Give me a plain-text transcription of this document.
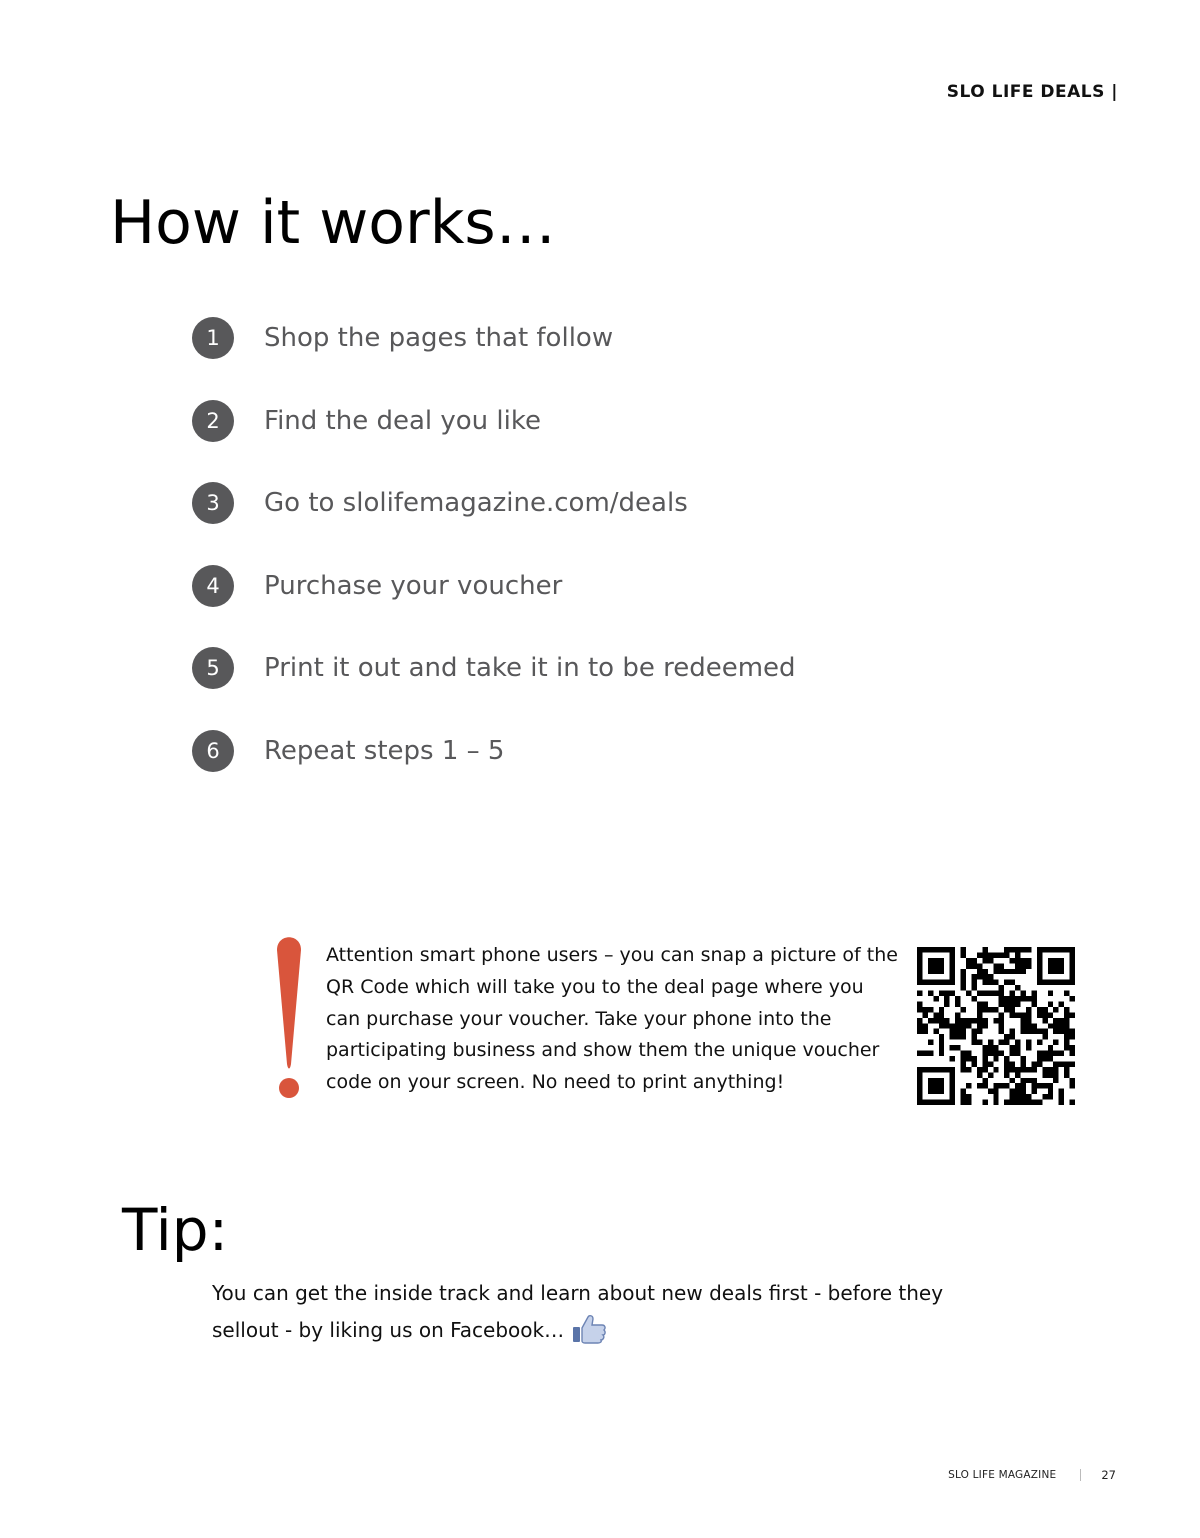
SLO LIFE DEALS |
How it works…
1	Shop the pages that follow
2	Find the deal you like
3	Go to slolifemagazine.com/deals
4	Purchase your voucher
5	Print it out and take it in to be redeemed
6	Repeat steps 1 – 5

Attention smart phone users – you can snap a picture of the QR Code which will take you to the deal page where you can purchase your voucher. Take your phone into the participating business and show them the unique voucher code on your screen. No need to print anything!

Tip:

You can get the inside track and learn about new deals first - before they sellout - by liking us on Facebook…

SLO LIFE MAGAZINE	27
